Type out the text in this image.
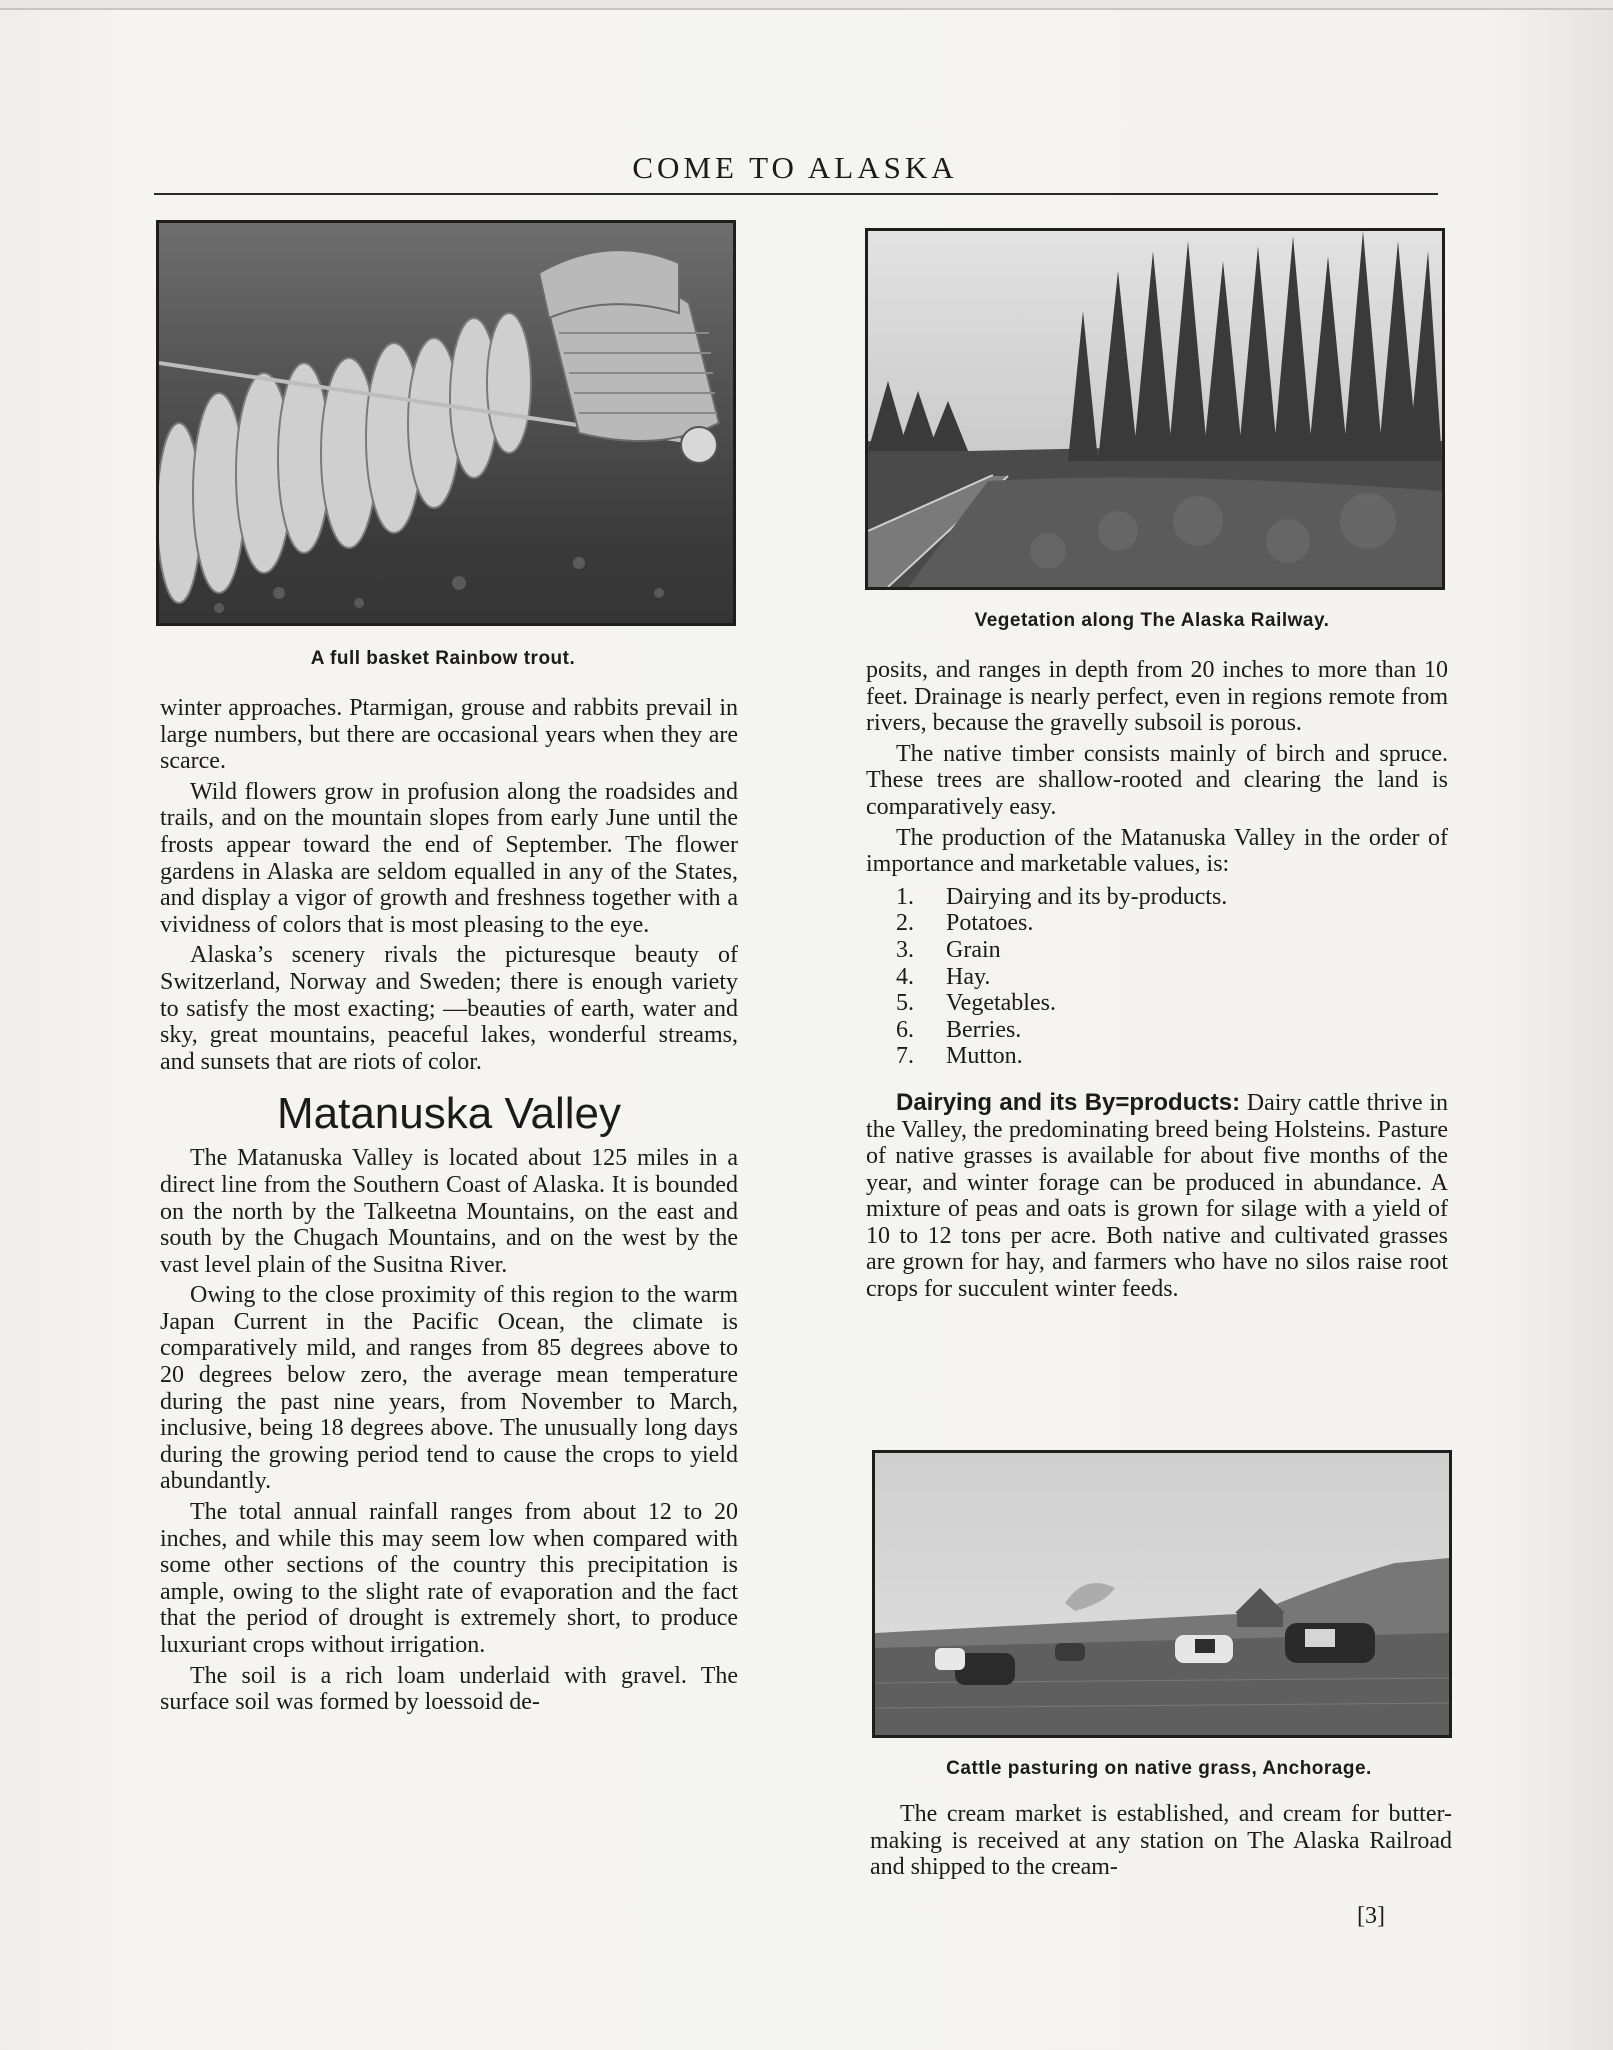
COME TO ALASKA
A full basket Rainbow trout.
Vegetation along The Alaska Railway.

winter approaches. Ptarmigan, grouse and rabbits prevail in large numbers, but there are occasional years when they are scarce.

Wild flowers grow in profusion along the roadsides and trails, and on the mountain slopes from early June until the frosts appear toward the end of September. The flower gardens in Alaska are seldom equalled in any of the States, and display a vigor of growth and freshness together with a vividness of colors that is most pleasing to the eye.

Alaska’s scenery rivals the picturesque beauty of Switzerland, Norway and Sweden; there is enough variety to satisfy the most exacting; —beauties of earth, water and sky, great mountains, peaceful lakes, wonderful streams, and sunsets that are riots of color.

Matanuska Valley

The Matanuska Valley is located about 125 miles in a direct line from the Southern Coast of Alaska. It is bounded on the north by the Talkeetna Mountains, on the east and south by the Chugach Mountains, and on the west by the vast level plain of the Susitna River.

Owing to the close proximity of this region to the warm Japan Current in the Pacific Ocean, the climate is comparatively mild, and ranges from 85 degrees above to 20 degrees below zero, the average mean temperature during the past nine years, from November to March, inclusive, being 18 degrees above. The unusually long days during the growing period tend to cause the crops to yield abundantly.

The total annual rainfall ranges from about 12 to 20 inches, and while this may seem low when compared with some other sections of the country this precipitation is ample, owing to the slight rate of evaporation and the fact that the period of drought is extremely short, to produce luxuriant crops without irrigation.

The soil is a rich loam underlaid with gravel. The surface soil was formed by loessoid de-

posits, and ranges in depth from 20 inches to more than 10 feet. Drainage is nearly perfect, even in regions remote from rivers, because the gravelly subsoil is porous.

The native timber consists mainly of birch and spruce. These trees are shallow-rooted and clearing the land is comparatively easy.

The production of the Matanuska Valley in the order of importance and marketable values, is:

1.	Dairying and its by-products.
2.	Potatoes.
3.	Grain
4.	Hay.
5.	Vegetables.
6.	Berries.
7.	Mutton.

Dairying and its By=products: Dairy cattle thrive in the Valley, the predominating breed being Holsteins. Pasture of native grasses is available for about five months of the year, and winter forage can be produced in abundance. A mixture of peas and oats is grown for silage with a yield of 10 to 12 tons per acre. Both native and cultivated grasses are grown for hay, and farmers who have no silos raise root crops for succulent winter feeds.

Cattle pasturing on native grass, Anchorage.

The cream market is established, and cream for butter-making is received at any station on The Alaska Railroad and shipped to the cream-

[3]
